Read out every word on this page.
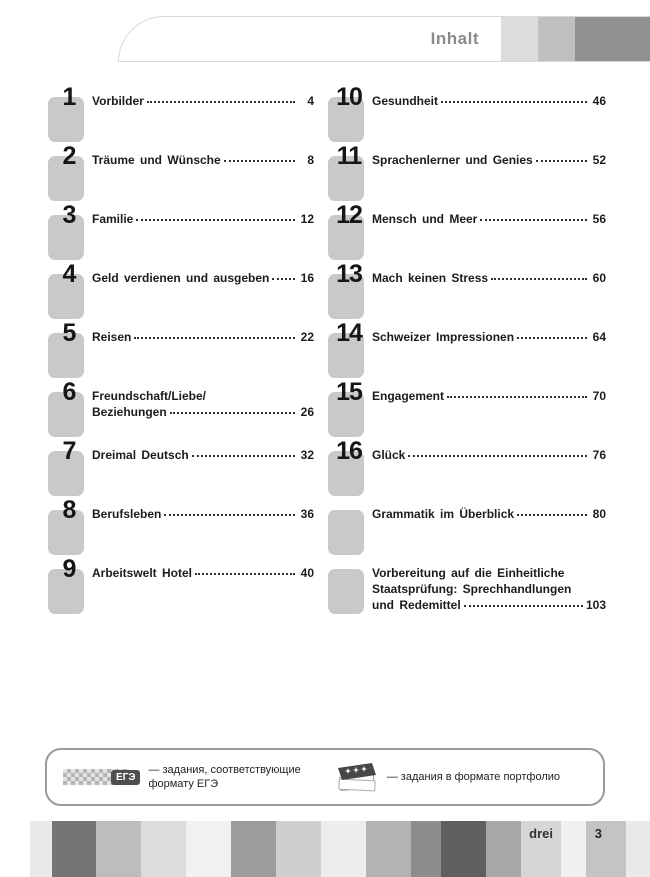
Inhalt
1	Vorbilder	4
2	Träume und Wünsche	8
3	Familie	12
4	Geld verdienen und ausgeben	16
5	Reisen	22
6	Freundschaft/Liebe/
Beziehungen	26
7	Dreimal Deutsch	32
8	Berufsleben	36
9	Arbeitswelt Hotel	40
10 Gesundheit	46
11 Sprachenlerner und Genies	52
12 Mensch und Meer	56
13 Mach keinen Stress	60
14 Schweizer Impressionen	64
15 Engagement	70
16 Glück	76
Grammatik im Überblick	80
Vorbereitung auf die Einheitliche
Staatsprüfung: Sprechhandlungen
und Redemittel	103
ЕГЭ
— задания, соответствующие
формату ЕГЭ
— задания в формате портфолио
drei	3
